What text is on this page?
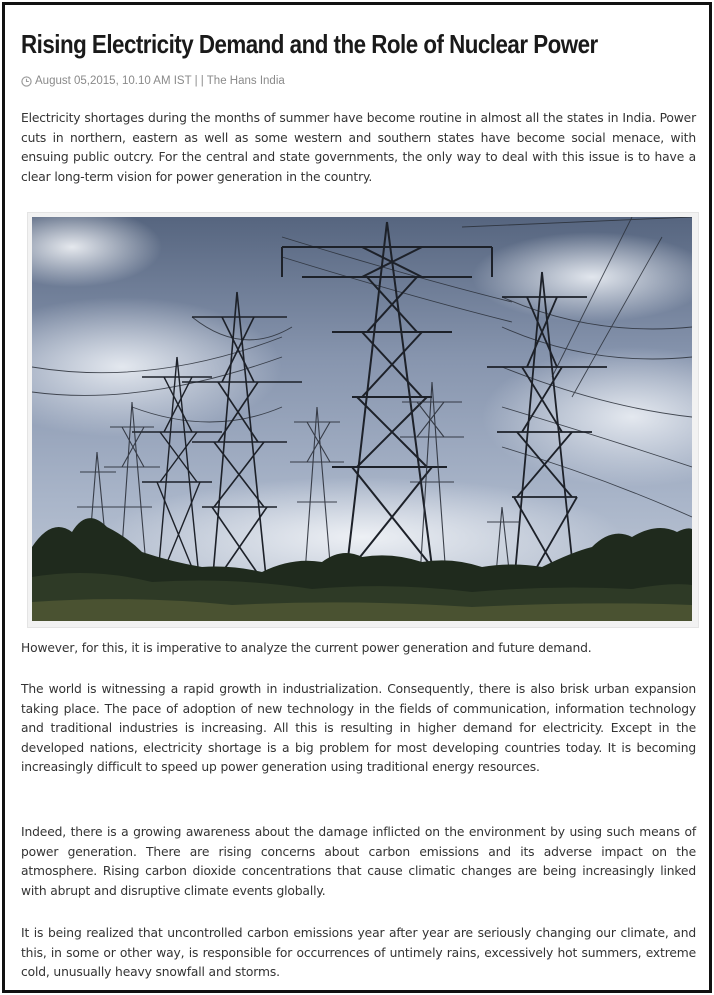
Rising Electricity Demand and the Role of Nuclear Power
August 05,2015, 10.10 AM IST | | The Hans India

Electricity shortages during the months of summer have become routine in almost all the states in India. Power cuts in northern, eastern as well as some western and southern states have become social menace, with ensuing public outcry. For the central and state governments, the only way to deal with this issue is to have a clear long-term vision for power generation in the country.

However, for this, it is imperative to analyze the current power generation and future demand.

The world is witnessing a rapid growth in industrialization. Consequently, there is also brisk urban expansion taking place. The pace of adoption of new technology in the fields of communication, information technology and traditional industries is increasing. All this is resulting in higher demand for electricity. Except in the developed nations, electricity shortage is a big problem for most developing countries today. It is becoming increasingly difficult to speed up power generation using traditional energy resources.

Indeed, there is a growing awareness about the damage inflicted on the environment by using such means of power generation. There are rising concerns about carbon emissions and its adverse impact on the atmosphere. Rising carbon dioxide concentrations that cause climatic changes are being increasingly linked with abrupt and disruptive climate events globally.

It is being realized that uncontrolled carbon emissions year after year are seriously changing our climate, and this, in some or other way, is responsible for occurrences of untimely rains, excessively hot summers, extreme cold, unusually heavy snowfall and storms.
